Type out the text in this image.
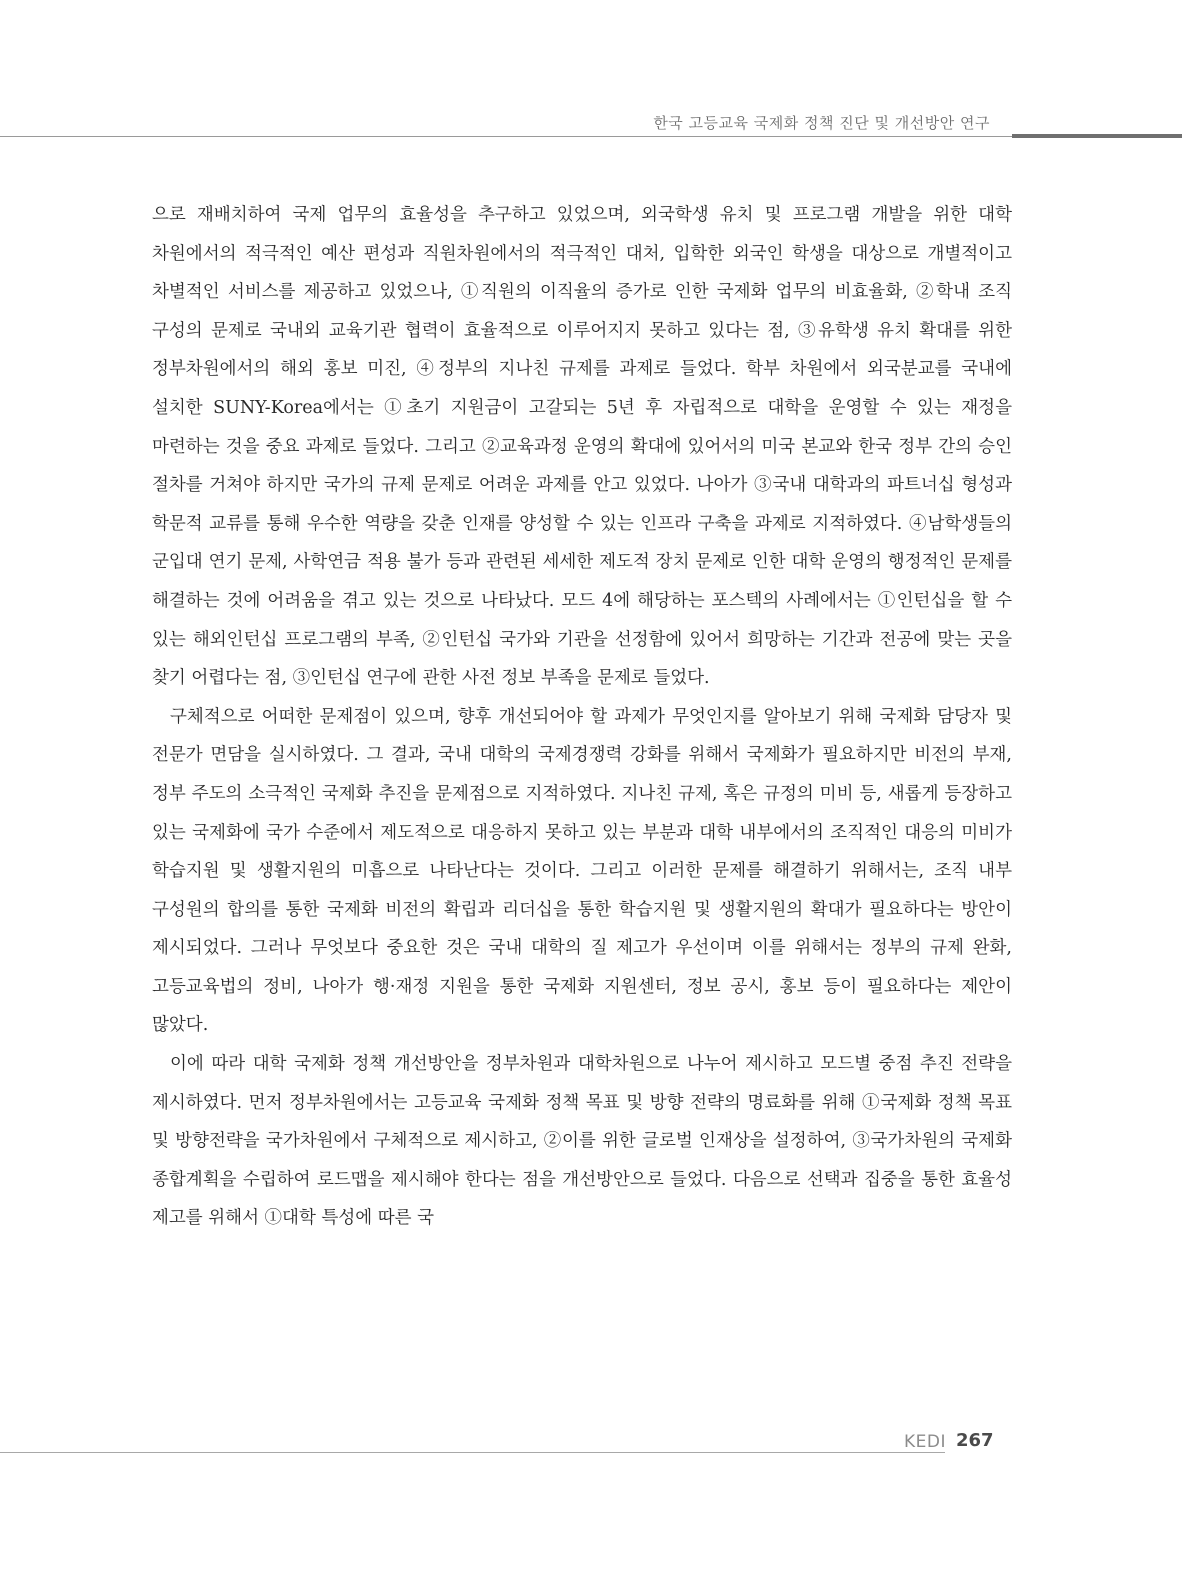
한국 고등교육 국제화 정책 진단 및 개선방안 연구

으로 재배치하여 국제 업무의 효율성을 추구하고 있었으며, 외국학생 유치 및 프로그램 개발을 위한 대학 차원에서의 적극적인 예산 편성과 직원차원에서의 적극적인 대처, 입학한 외국인 학생을 대상으로 개별적이고 차별적인 서비스를 제공하고 있었으나, ①직원의 이직율의 증가로 인한 국제화 업무의 비효율화, ②학내 조직 구성의 문제로 국내외 교육기관 협력이 효율적으로 이루어지지 못하고 있다는 점, ③유학생 유치 확대를 위한 정부차원에서의 해외 홍보 미진, ④정부의 지나친 규제를 과제로 들었다. 학부 차원에서 외국분교를 국내에 설치한 SUNY-Korea에서는 ①초기 지원금이 고갈되는 5년 후 자립적으로 대학을 운영할 수 있는 재정을 마련하는 것을 중요 과제로 들었다. 그리고 ②교육과정 운영의 확대에 있어서의 미국 본교와 한국 정부 간의 승인 절차를 거쳐야 하지만 국가의 규제 문제로 어려운 과제를 안고 있었다. 나아가 ③국내 대학과의 파트너십 형성과 학문적 교류를 통해 우수한 역량을 갖춘 인재를 양성할 수 있는 인프라 구축을 과제로 지적하였다. ④남학생들의 군입대 연기 문제, 사학연금 적용 불가 등과 관련된 세세한 제도적 장치 문제로 인한 대학 운영의 행정적인 문제를 해결하는 것에 어려움을 겪고 있는 것으로 나타났다. 모드 4에 해당하는 포스텍의 사례에서는 ①인턴십을 할 수 있는 해외인턴십 프로그램의 부족, ②인턴십 국가와 기관을 선정함에 있어서 희망하는 기간과 전공에 맞는 곳을 찾기 어렵다는 점, ③인턴십 연구에 관한 사전 정보 부족을 문제로 들었다.

구체적으로 어떠한 문제점이 있으며, 향후 개선되어야 할 과제가 무엇인지를 알아보기 위해 국제화 담당자 및 전문가 면담을 실시하였다. 그 결과, 국내 대학의 국제경쟁력 강화를 위해서 국제화가 필요하지만 비전의 부재, 정부 주도의 소극적인 국제화 추진을 문제점으로 지적하였다. 지나친 규제, 혹은 규정의 미비 등, 새롭게 등장하고 있는 국제화에 국가 수준에서 제도적으로 대응하지 못하고 있는 부분과 대학 내부에서의 조직적인 대응의 미비가 학습지원 및 생활지원의 미흡으로 나타난다는 것이다. 그리고 이러한 문제를 해결하기 위해서는, 조직 내부 구성원의 합의를 통한 국제화 비전의 확립과 리더십을 통한 학습지원 및 생활지원의 확대가 필요하다는 방안이 제시되었다. 그러나 무엇보다 중요한 것은 국내 대학의 질 제고가 우선이며 이를 위해서는 정부의 규제 완화, 고등교육법의 정비, 나아가 행·재정 지원을 통한 국제화 지원센터, 정보 공시, 홍보 등이 필요하다는 제안이 많았다.

이에 따라 대학 국제화 정책 개선방안을 정부차원과 대학차원으로 나누어 제시하고 모드별 중점 추진 전략을 제시하였다. 먼저 정부차원에서는 고등교육 국제화 정책 목표 및 방향 전략의 명료화를 위해 ①국제화 정책 목표 및 방향전략을 국가차원에서 구체적으로 제시하고, ②이를 위한 글로벌 인재상을 설정하여, ③국가차원의 국제화 종합계획을 수립하여 로드맵을 제시해야 한다는 점을 개선방안으로 들었다. 다음으로 선택과 집중을 통한 효율성 제고를 위해서 ①대학 특성에 따른 국

KEDI 267
